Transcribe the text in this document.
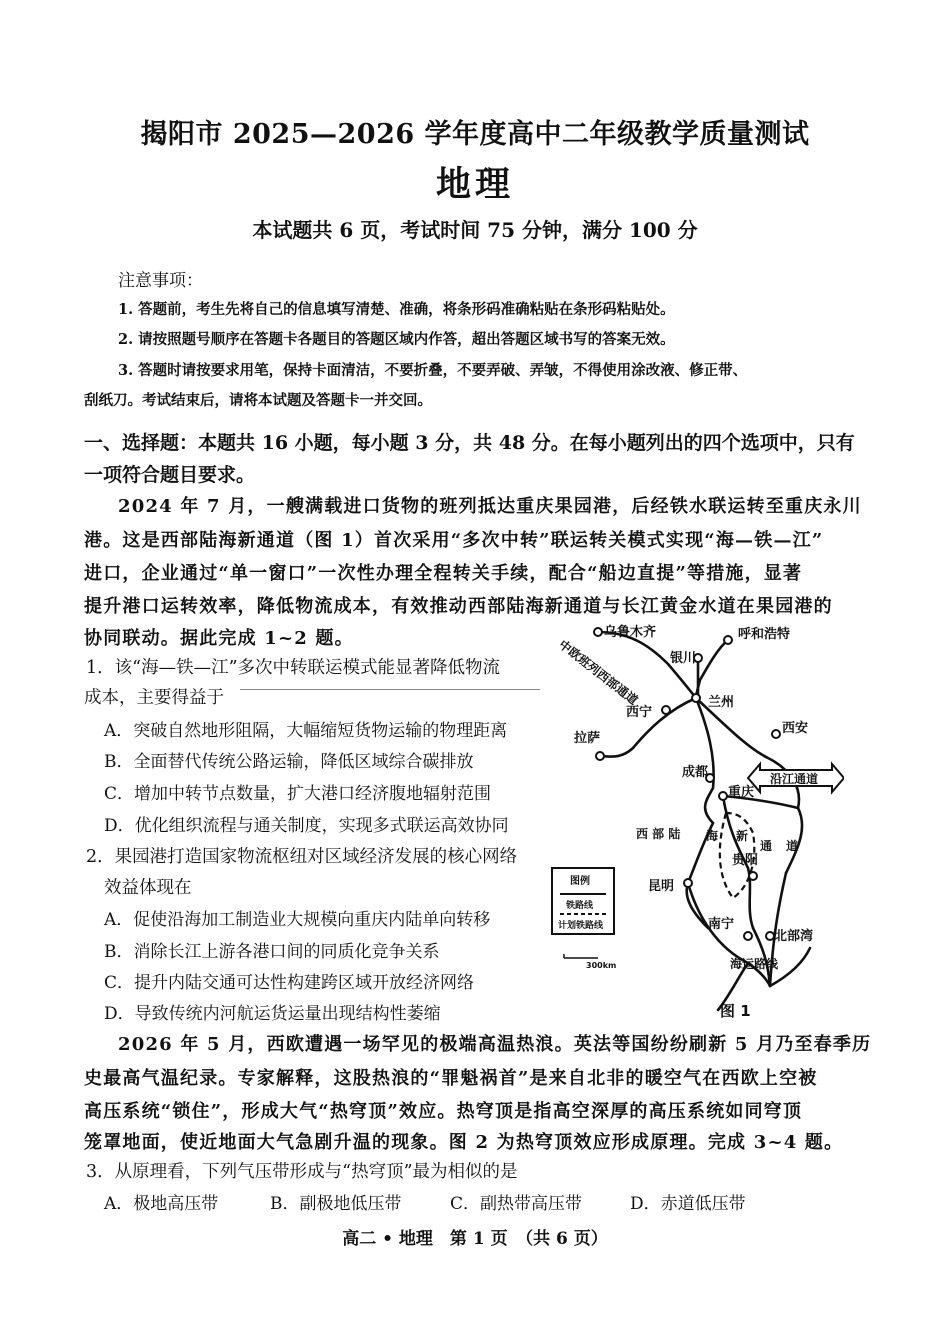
揭阳市 2025—2026 学年度高中二年级教学质量测试
地理
本试题共 6 页，考试时间 75 分钟，满分 100 分
注意事项：
1. 答题前，考生先将自己的信息填写清楚、准确，将条形码准确粘贴在条形码粘贴处。
2. 请按照题号顺序在答题卡各题目的答题区域内作答，超出答题区域书写的答案无效。
3. 答题时请按要求用笔，保持卡面清洁，不要折叠，不要弄破、弄皱，不得使用涂改液、修正带、
刮纸刀。考试结束后，请将本试题及答题卡一并交回。
一、选择题：本题共 16 小题，每小题 3 分，共 48 分。在每小题列出的四个选项中，只有
一项符合题目要求。
2024 年 7 月，一艘满载进口货物的班列抵达重庆果园港，后经铁水联运转至重庆永川
港。这是西部陆海新通道（图 1）首次采用“多次中转”联运转关模式实现“海—铁—江”
进口，企业通过“单一窗口”一次性办理全程转关手续，配合“船边直提”等措施，显著
提升港口运转效率，降低物流成本，有效推动西部陆海新通道与长江黄金水道在果园港的
协同联动。据此完成 1~2 题。
1．该“海—铁—江”多次中转联运模式能显著降低物流
成本，主要得益于
A．突破自然地形阻隔，大幅缩短货物运输的物理距离
B．全面替代传统公路运输，降低区域综合碳排放
C．增加中转节点数量，扩大港口经济腹地辐射范围
D．优化组织流程与通关制度，实现多式联运高效协同
2．果园港打造国家物流枢纽对区域经济发展的核心网络
效益体现在
A．促使沿海加工制造业大规模向重庆内陆单向转移
B．消除长江上游各港口间的同质化竞争关系
C．提升内陆交通可达性构建跨区域开放经济网络
D．导致传统内河航运货运量出现结构性萎缩
乌鲁木齐	呼和浩特
银川
兰州
西宁
西安
拉萨
成都
重庆
贵阳
昆明
南宁
北部湾
中欧班列西部通道
西 部 陆 海 新
通 道
海运路线
沿江通道
图例
铁路线
计划铁路线
300km
图 1
2026 年 5 月，西欧遭遇一场罕见的极端高温热浪。英法等国纷纷刷新 5 月乃至春季历
史最高气温纪录。专家解释，这股热浪的“罪魁祸首”是来自北非的暖空气在西欧上空被
高压系统“锁住”，形成大气“热穹顶”效应。热穹顶是指高空深厚的高压系统如同穹顶
笼罩地面，使近地面大气急剧升温的现象。图 2 为热穹顶效应形成原理。完成 3~4 题。
3．从原理看，下列气压带形成与“热穹顶”最为相似的是
A．极地高压带	B．副极地低压带	C．副热带高压带	D．赤道低压带
高二 • 地理　第 1 页　（共 6 页）
